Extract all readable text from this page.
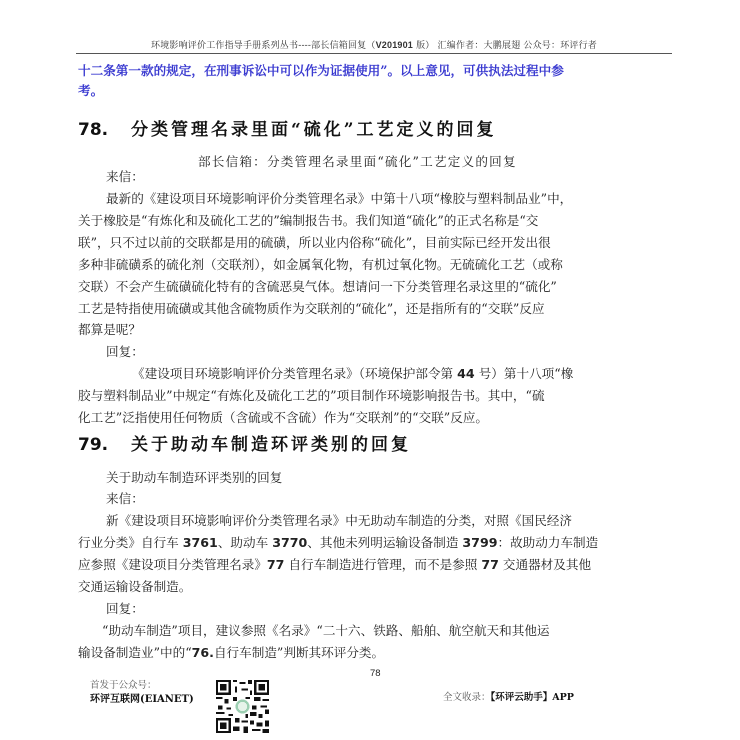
环境影响评价工作指导手册系列丛书----部长信箱回复（V201901 版） 汇编作者：大鹏展翅 公众号：环评行者
十二条第一款的规定，在刑事诉讼中可以作为证据使用”。以上意见，可供执法过程中参
考。
78. 分类管理名录里面“硫化”工艺定义的回复
部长信箱：分类管理名录里面“硫化”工艺定义的回复
来信：
最新的《建设项目环境影响评价分类管理名录》中第十八项“橡胶与塑料制品业”中，
关于橡胶是“有炼化和及硫化工艺的”编制报告书。我们知道“硫化”的正式名称是“交
联”，只不过以前的交联都是用的硫磺，所以业内俗称“硫化”，目前实际已经开发出很
多种非硫磺系的硫化剂（交联剂），如金属氧化物，有机过氧化物。无硫硫化工艺（或称
交联）不会产生硫磺硫化特有的含硫恶臭气体。想请问一下分类管理名录这里的“硫化”
工艺是特指使用硫磺或其他含硫物质作为交联剂的“硫化”，还是指所有的“交联”反应
都算是呢？
回复：
《建设项目环境影响评价分类管理名录》（环境保护部令第 44 号）第十八项“橡
胶与塑料制品业”中规定“有炼化及硫化工艺的”项目制作环境影响报告书。其中，“硫
化工艺”泛指使用任何物质（含硫或不含硫）作为“交联剂”的“交联”反应。
79. 关于助动车制造环评类别的回复
关于助动车制造环评类别的回复
来信：
新《建设项目环境影响评价分类管理名录》中无助动车制造的分类，对照《国民经济
行业分类》自行车 3761、助动车 3770、其他未列明运输设备制造 3799：故助动力车制造
应参照《建设项目分类管理名录》77 自行车制造进行管理，而不是参照 77 交通器材及其他
交通运输设备制造。
回复：
“助动车制造”项目，建议参照《名录》“二十六、铁路、船舶、航空航天和其他运
输设备制造业”中的“76.自行车制造”判断其环评分类。
78
首发于公众号：
环评互联网(EIANET)	全文收录：【环评云助手】APP
